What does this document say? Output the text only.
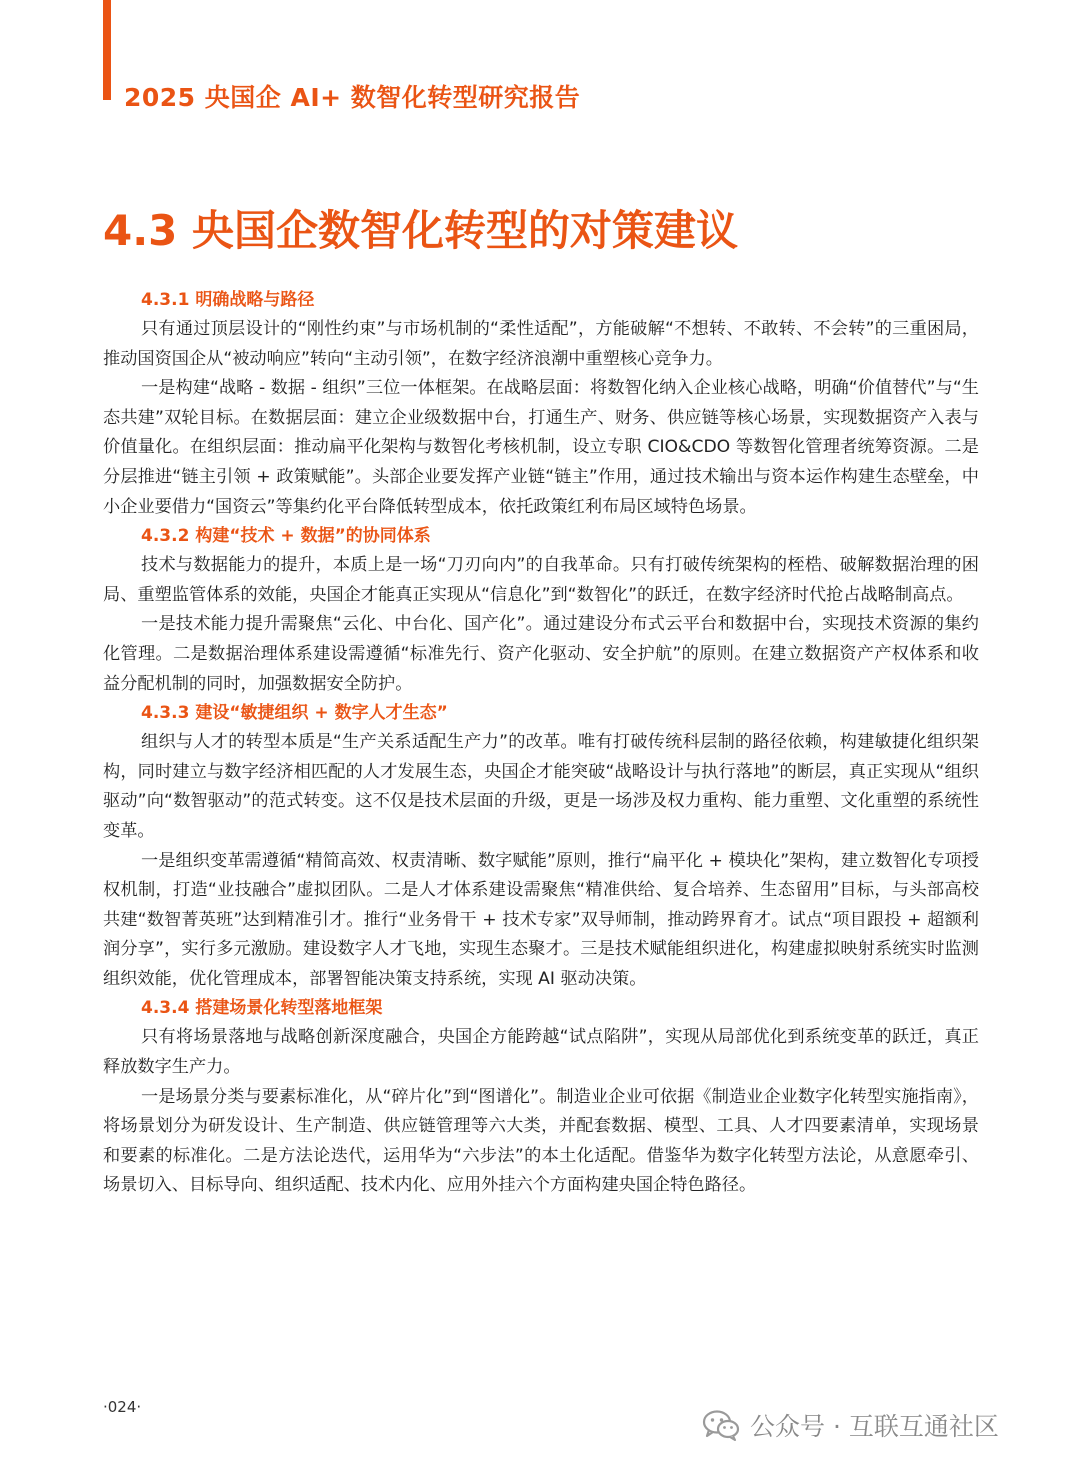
2025 央国企 AI+ 数智化转型研究报告
4.3 央国企数智化转型的对策建议
4.3.1 明确战略与路径

只有通过顶层设计的“刚性约束”与市场机制的“柔性适配”，方能破解“不想转、不敢转、不会转”的三重困局，推动国资国企从“被动响应”转向“主动引领”，在数字经济浪潮中重塑核心竞争力。

一是构建“战略 - 数据 - 组织”三位一体框架。在战略层面：将数智化纳入企业核心战略，明确“价值替代”与“生态共建”双轮目标。在数据层面：建立企业级数据中台，打通生产、财务、供应链等核心场景，实现数据资产入表与价值量化。在组织层面：推动扁平化架构与数智化考核机制，设立专职 CIO&CDO 等数智化管理者统筹资源。二是分层推进“链主引领 + 政策赋能”。头部企业要发挥产业链“链主”作用，通过技术输出与资本运作构建生态壁垒，中小企业要借力“国资云”等集约化平台降低转型成本，依托政策红利布局区域特色场景。

4.3.2 构建“技术 + 数据”的协同体系

技术与数据能力的提升，本质上是一场“刀刃向内”的自我革命。只有打破传统架构的桎梏、破解数据治理的困局、重塑监管体系的效能，央国企才能真正实现从“信息化”到“数智化”的跃迁，在数字经济时代抢占战略制高点。

一是技术能力提升需聚焦“云化、中台化、国产化”。通过建设分布式云平台和数据中台，实现技术资源的集约化管理。二是数据治理体系建设需遵循“标准先行、资产化驱动、安全护航”的原则。在建立数据资产产权体系和收益分配机制的同时，加强数据安全防护。

4.3.3 建设“敏捷组织 + 数字人才生态”

组织与人才的转型本质是“生产关系适配生产力”的改革。唯有打破传统科层制的路径依赖，构建敏捷化组织架构，同时建立与数字经济相匹配的人才发展生态，央国企才能突破“战略设计与执行落地”的断层，真正实现从“组织驱动”向“数智驱动”的范式转变。这不仅是技术层面的升级，更是一场涉及权力重构、能力重塑、文化重塑的系统性变革。

一是组织变革需遵循“精简高效、权责清晰、数字赋能”原则，推行“扁平化 + 模块化”架构，建立数智化专项授权机制，打造“业技融合”虚拟团队。二是人才体系建设需聚焦“精准供给、复合培养、生态留用”目标，与头部高校共建“数智菁英班”达到精准引才。推行“业务骨干 + 技术专家”双导师制，推动跨界育才。试点“项目跟投 + 超额利润分享”，实行多元激励。建设数字人才飞地，实现生态聚才。三是技术赋能组织进化，构建虚拟映射系统实时监测组织效能，优化管理成本，部署智能决策支持系统，实现 AI 驱动决策。

4.3.4 搭建场景化转型落地框架

只有将场景落地与战略创新深度融合，央国企方能跨越“试点陷阱”，实现从局部优化到系统变革的跃迁，真正释放数字生产力。

一是场景分类与要素标准化，从“碎片化”到“图谱化”。制造业企业可依据《制造业企业数字化转型实施指南》，将场景划分为研发设计、生产制造、供应链管理等六大类，并配套数据、模型、工具、人才四要素清单，实现场景和要素的标准化。二是方法论迭代，运用华为“六步法”的本土化适配。借鉴华为数字化转型方法论，从意愿牵引、场景切入、目标导向、组织适配、技术内化、应用外挂六个方面构建央国企特色路径。

·024·
公众号 · 互联互通社区
